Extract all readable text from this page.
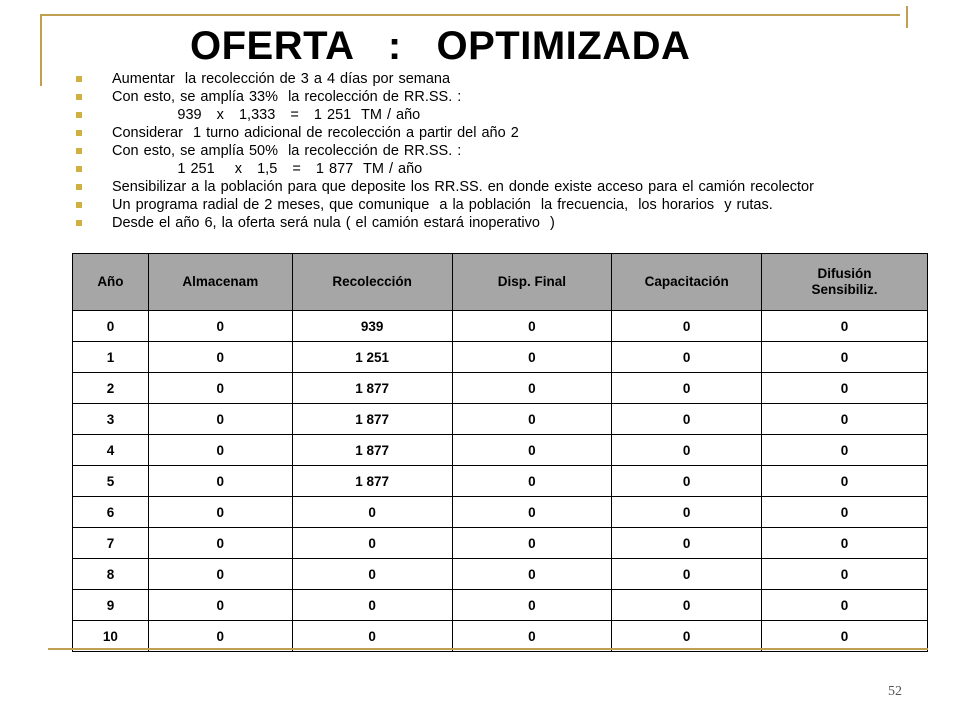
OFERTA   :   OPTIMIZADA
Aumentar  la recolección de 3 a 4 días por semana
Con esto, se amplía 33%  la recolección de RR.SS. :
939   x   1,333   =   1 251  TM / año
Considerar  1 turno adicional de recolección a partir del año 2
Con esto, se amplía 50%  la recolección de RR.SS. :
1 251    x   1,5   =   1 877  TM / año
Sensibilizar a la población para que deposite los RR.SS. en donde existe acceso para el camión recolector
Un programa radial de 2 meses, que comunique  a la población  la frecuencia,  los horarios  y rutas.
Desde el año 6, la oferta será nula ( el camión estará inoperativo  )
Año	Almacenam	Recolección	Disp. Final	Capacitación	Difusión Sensibiliz.

0	0	939	0	0	0
1	0	1 251	0	0	0
2	0	1 877	0	0	0
3	0	1 877	0	0	0
4	0	1 877	0	0	0
5	0	1 877	0	0	0
6	0	0	0	0	0
7	0	0	0	0	0
8	0	0	0	0	0
9	0	0	0	0	0
10	0	0	0	0	0
52
